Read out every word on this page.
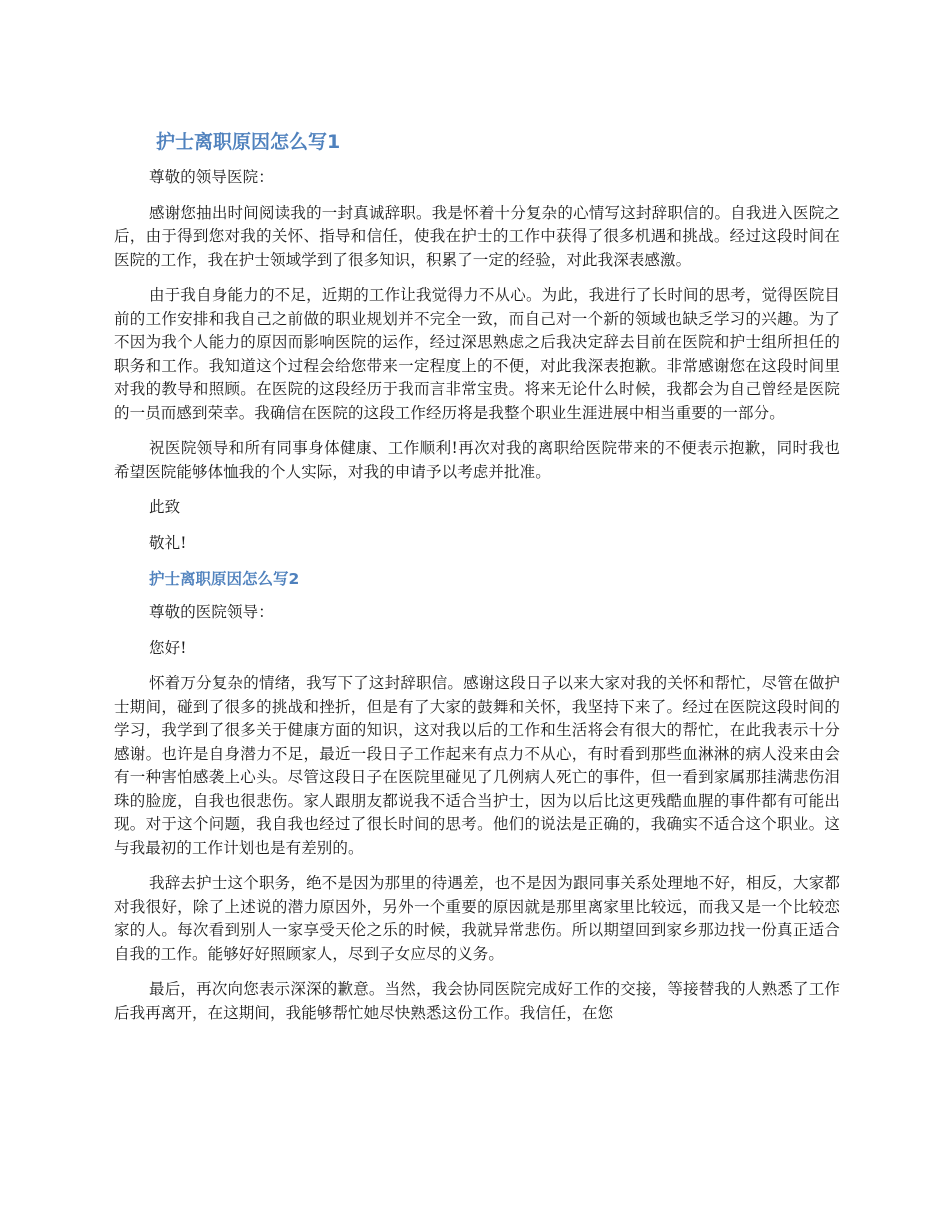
护士离职原因怎么写1

尊敬的领导医院：

感谢您抽出时间阅读我的一封真诚辞职。我是怀着十分复杂的心情写这封辞职信的。自我进入医院之后，由于得到您对我的关怀、指导和信任，使我在护士的工作中获得了很多机遇和挑战。经过这段时间在医院的工作，我在护士领域学到了很多知识，积累了一定的经验，对此我深表感激。

由于我自身能力的不足，近期的工作让我觉得力不从心。为此，我进行了长时间的思考，觉得医院目前的工作安排和我自己之前做的职业规划并不完全一致，而自己对一个新的领域也缺乏学习的兴趣。为了不因为我个人能力的原因而影响医院的运作，经过深思熟虑之后我决定辞去目前在医院和护士组所担任的职务和工作。我知道这个过程会给您带来一定程度上的不便，对此我深表抱歉。非常感谢您在这段时间里对我的教导和照顾。在医院的这段经历于我而言非常宝贵。将来无论什么时候，我都会为自己曾经是医院的一员而感到荣幸。我确信在医院的这段工作经历将是我整个职业生涯进展中相当重要的一部分。

祝医院领导和所有同事身体健康、工作顺利!再次对我的离职给医院带来的不便表示抱歉，同时我也希望医院能够体恤我的个人实际，对我的申请予以考虑并批准。

此致

敬礼!

护士离职原因怎么写2

尊敬的医院领导：

您好!

怀着万分复杂的情绪，我写下了这封辞职信。感谢这段日子以来大家对我的关怀和帮忙，尽管在做护士期间，碰到了很多的挑战和挫折，但是有了大家的鼓舞和关怀，我坚持下来了。经过在医院这段时间的学习，我学到了很多关于健康方面的知识，这对我以后的工作和生活将会有很大的帮忙，在此我表示十分感谢。也许是自身潜力不足，最近一段日子工作起来有点力不从心，有时看到那些血淋淋的病人没来由会有一种害怕感袭上心头。尽管这段日子在医院里碰见了几例病人死亡的事件，但一看到家属那挂满悲伤泪珠的脸庞，自我也很悲伤。家人跟朋友都说我不适合当护士，因为以后比这更残酷血腥的事件都有可能出现。对于这个问题，我自我也经过了很长时间的思考。他们的说法是正确的，我确实不适合这个职业。这与我最初的工作计划也是有差别的。

我辞去护士这个职务，绝不是因为那里的待遇差，也不是因为跟同事关系处理地不好，相反，大家都对我很好，除了上述说的潜力原因外，另外一个重要的原因就是那里离家里比较远，而我又是一个比较恋家的人。每次看到别人一家享受天伦之乐的时候，我就异常悲伤。所以期望回到家乡那边找一份真正适合自我的工作。能够好好照顾家人，尽到子女应尽的义务。

最后，再次向您表示深深的歉意。当然，我会协同医院完成好工作的交接，等接替我的人熟悉了工作后我再离开，在这期间，我能够帮忙她尽快熟悉这份工作。我信任，在您
